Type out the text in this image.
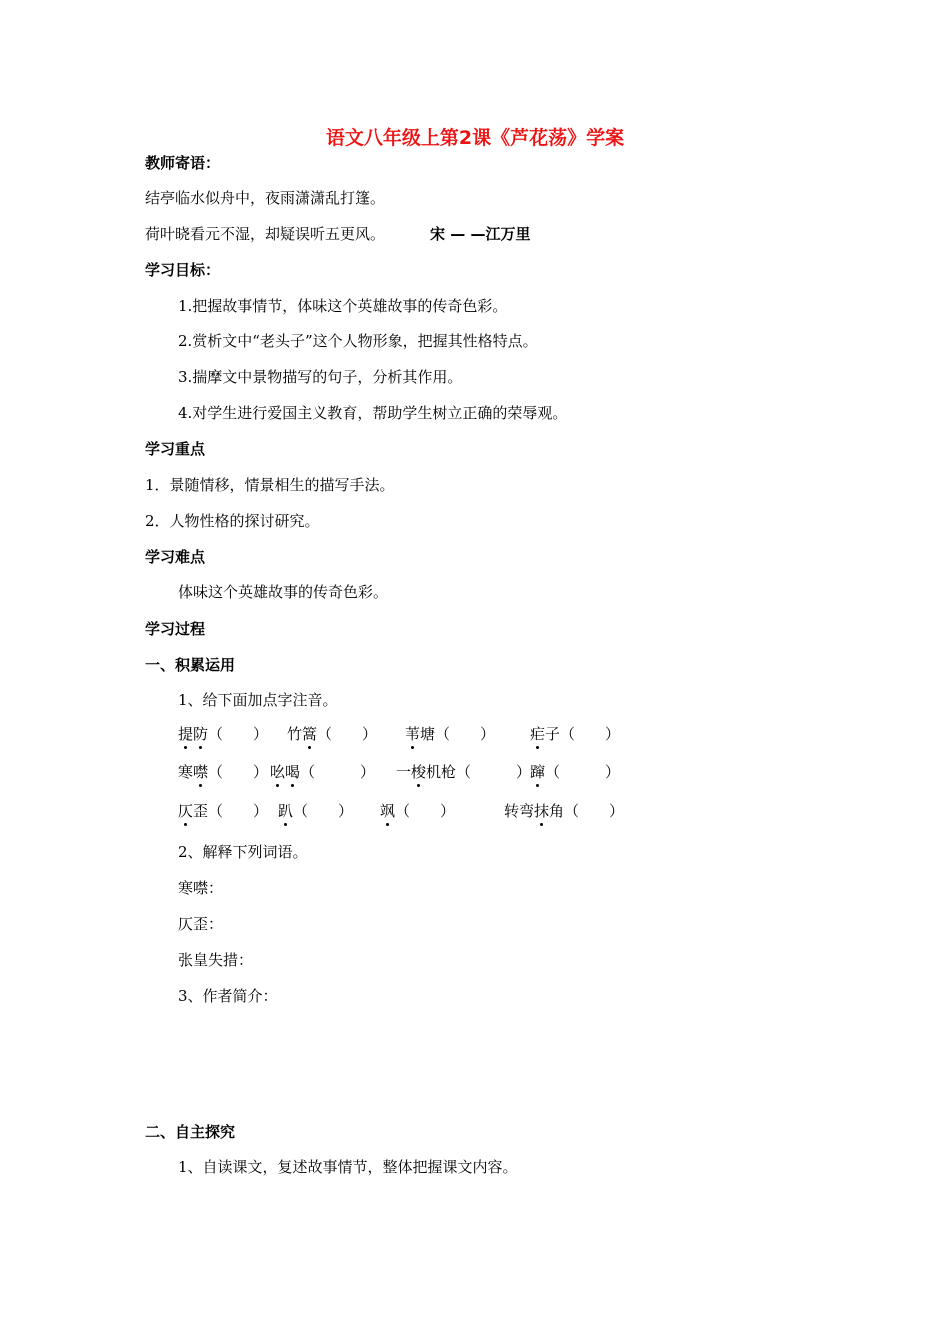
语文八年级上第2课《芦花荡》学案
教师寄语：
结亭临水似舟中，夜雨潇潇乱打篷。
荷叶晓看元不湿，却疑误听五更风。	宋 — —江万里
学习目标：
1.把握故事情节，体味这个英雄故事的传奇色彩。
2.赏析文中“老头子”这个人物形象，把握其性格特点。
3.揣摩文中景物描写的句子，分析其作用。
4.对学生进行爱国主义教育，帮助学生树立正确的荣辱观。
学习重点
1．景随情移，情景相生的描写手法。
2．人物性格的探讨研究。
学习难点
体味这个英雄故事的传奇色彩。
学习过程
一、积累运用
1、给下面加点字注音。
提防（　　） 竹篙（　　） 苇塘（　　） 疟子（　　）
寒噤（　　） 吆喝（　　　） 一梭机枪（　　　）
蹿（　　　）
仄歪（　　） 趴（　　） 飒（　　）	转弯抹角（　　）
2、解释下列词语。
寒噤：
仄歪：
张皇失措：
3、作者简介：
二、自主探究
1、自读课文，复述故事情节，整体把握课文内容。
